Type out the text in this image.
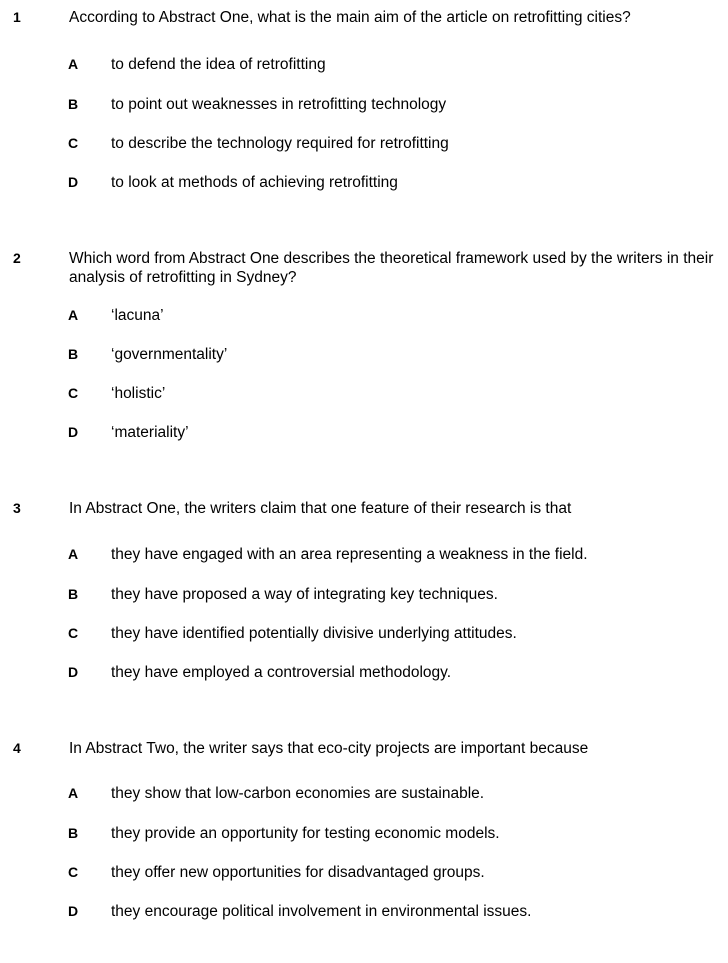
1	According to Abstract One, what is the main aim of the article on retrofitting cities?
A to defend the idea of retrofitting
B to point out weaknesses in retrofitting technology
C to describe the technology required for retrofitting
D to look at methods of achieving retrofitting
2	Which word from Abstract One describes the theoretical framework used by the writers in their analysis of retrofitting in Sydney?
A ‘lacuna’
B ‘governmentality’
C ‘holistic’
D ‘materiality’
3	In Abstract One, the writers claim that one feature of their research is that
A they have engaged with an area representing a weakness in the field.
B they have proposed a way of integrating key techniques.
C they have identified potentially divisive underlying attitudes.
D they have employed a controversial methodology.
4	In Abstract Two, the writer says that eco-city projects are important because
A they show that low-carbon economies are sustainable.
B they provide an opportunity for testing economic models.
C they offer new opportunities for disadvantaged groups.
D they encourage political involvement in environmental issues.
